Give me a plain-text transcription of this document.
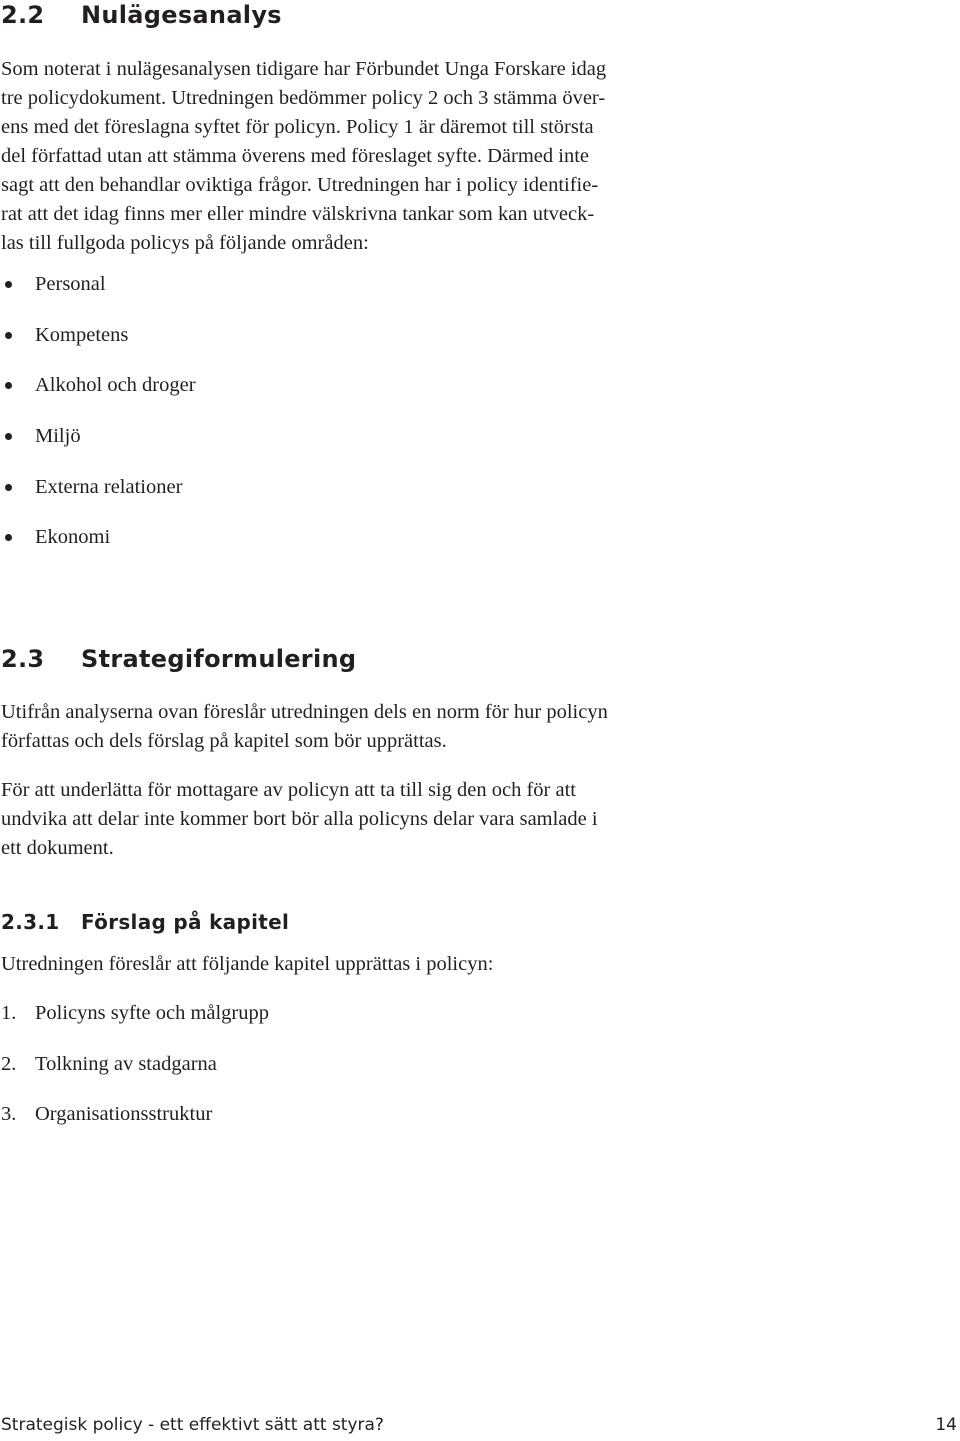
2.2 Nulägesanalys
Som noterat i nulägesanalysen tidigare har Förbundet Unga Forskare idag
tre policydokument. Utredningen bedömmer policy 2 och 3 stämma över-
ens med det föreslagna syftet för policyn. Policy 1 är däremot till största
del författad utan att stämma överens med föreslaget syfte. Därmed inte
sagt att den behandlar oviktiga frågor. Utredningen har i policy identifie-
rat att det idag finns mer eller mindre välskrivna tankar som kan utveck-
las till fullgoda policys på följande områden:
Personal
Kompetens
Alkohol och droger
Miljö
Externa relationer
Ekonomi
2.3 Strategiformulering
Utifrån analyserna ovan föreslår utredningen dels en norm för hur policyn
författas och dels förslag på kapitel som bör upprättas.
För att underlätta för mottagare av policyn att ta till sig den och för att
undvika att delar inte kommer bort bör alla policyns delar vara samlade i
ett dokument.
2.3.1 Förslag på kapitel
Utredningen föreslår att följande kapitel upprättas i policyn:
1. Policyns syfte och målgrupp
2. Tolkning av stadgarna
3. Organisationsstruktur
Strategisk policy - ett effektivt sätt att styra?	14
